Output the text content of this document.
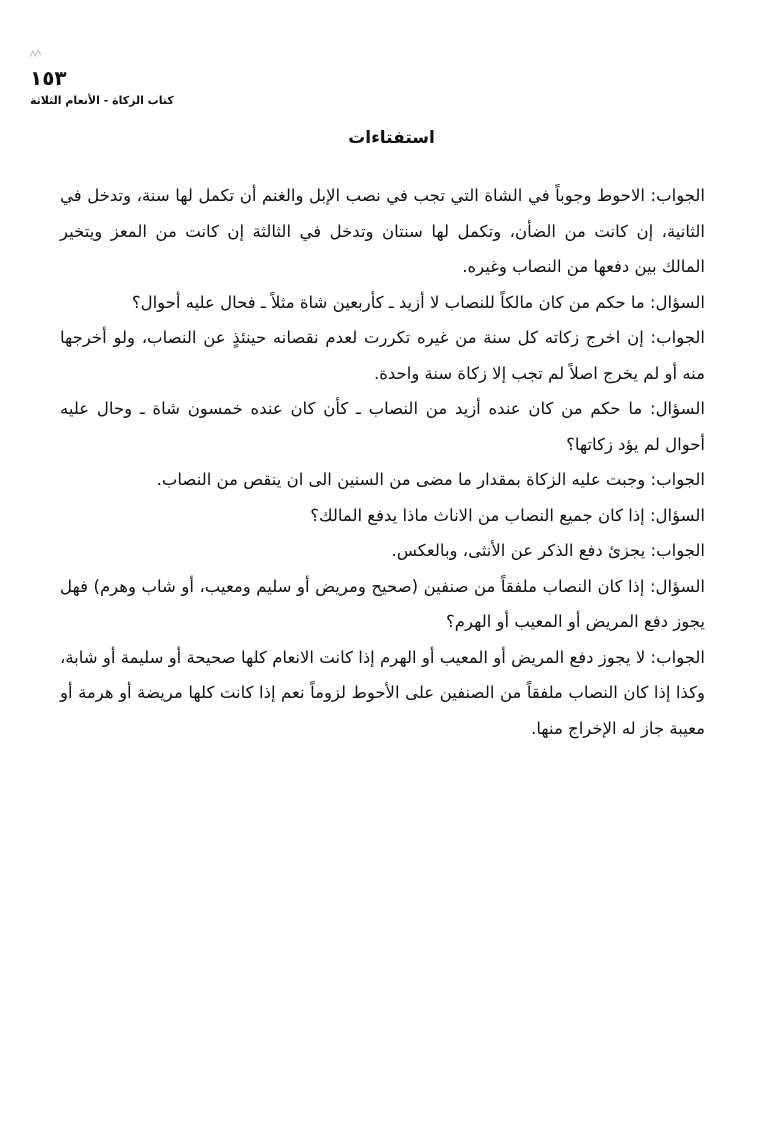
١٥٣
كتاب الزكاة - الأنعام الثلاثة
استفتاءات

الجواب: الاحوط وجوباً في الشاة التي تجب في نصب الإبل والغنم أن تكمل لها سنة، وتدخل في الثانية، إن كانت من الضأن، وتكمل لها سنتان وتدخل في الثالثة إن كانت من المعز ويتخير المالك بين دفعها من النصاب وغيره.

السؤال: ما حكم من كان مالكاً للنصاب لا أزيد ـ كأربعين شاة مثلاً ـ فحال عليه أحوال؟

الجواب: إن اخرج زكاته كل سنة من غيره تكررت لعدم نقصانه حينئذٍ عن النصاب، ولو أخرجها منه أو لم يخرج اصلاً لم تجب إلا زكاة سنة واحدة.

السؤال: ما حكم من كان عنده أزيد من النصاب ـ كأن كان عنده خمسون شاة ـ وحال عليه أحوال لم يؤد زكاتها؟

الجواب: وجبت عليه الزكاة بمقدار ما مضى من السنين الى ان ينقص من النصاب.

السؤال: إذا كان جميع النصاب من الاناث ماذا يدفع المالك؟

الجواب: يجزئ دفع الذكر عن الأنثى، وبالعكس.

السؤال: إذا كان النصاب ملفقاً من صنفين (صحيح ومريض أو سليم ومعيب، أو شاب وهرم) فهل يجوز دفع المريض أو المعيب أو الهرم؟

الجواب: لا يجوز دفع المريض أو المعيب أو الهرم إذا كانت الانعام كلها صحيحة أو سليمة أو شابة، وكذا إذا كان النصاب ملفقاً من الصنفين على الأحوط لزوماً نعم إذا كانت كلها مريضة أو هرمة أو معيبة جاز له الإخراج منها.
